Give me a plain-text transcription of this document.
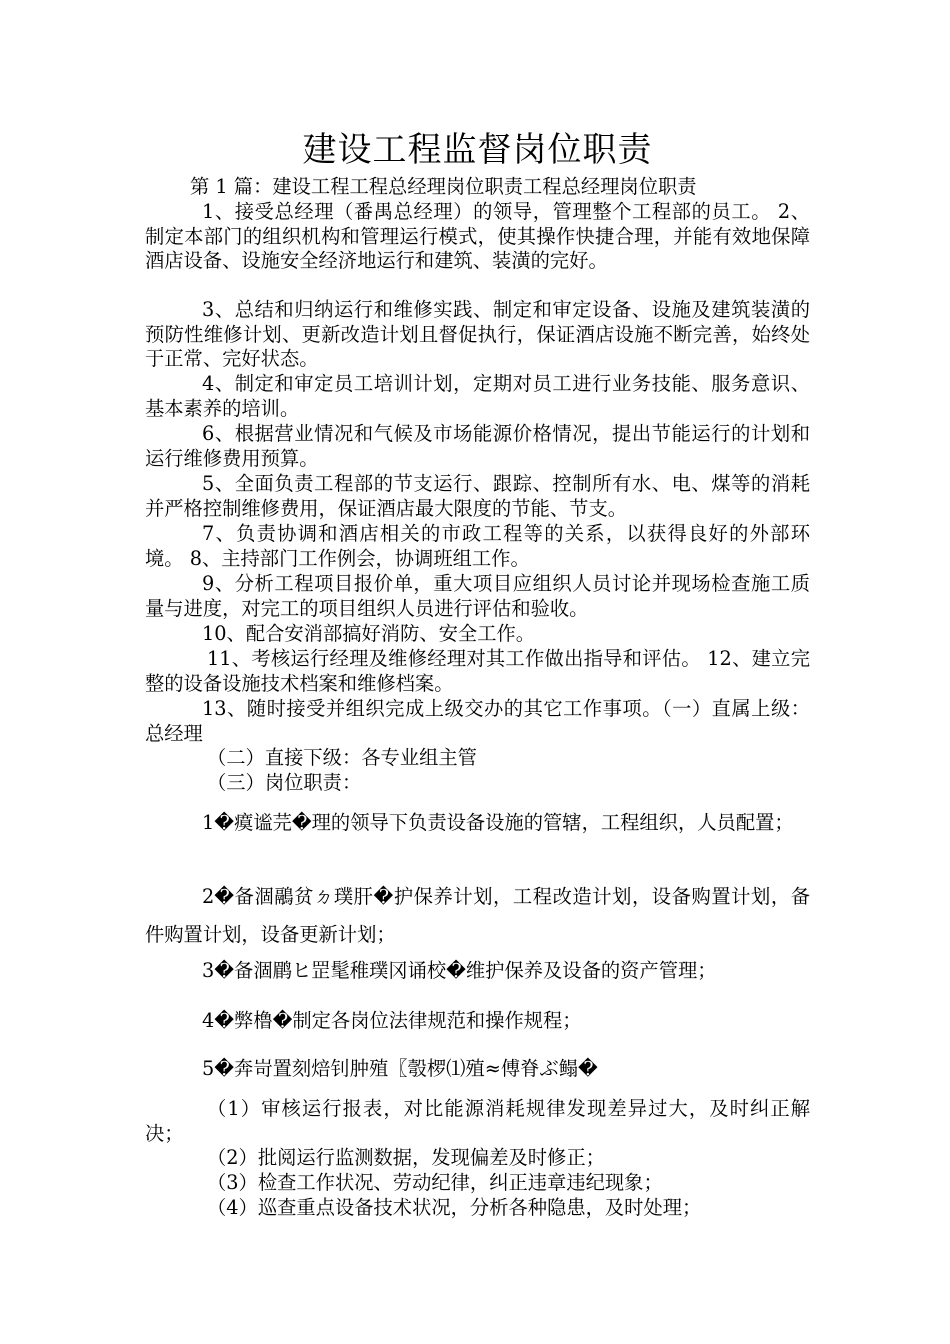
建设工程监督岗位职责
第 1 篇：建设工程工程总经理岗位职责工程总经理岗位职责
1、接受总经理（番禺总经理）的领导，管理整个工程部的员工。 2、制定本部门的组织机构和管理运行模式，使其操作快捷合理，并能有效地保障酒店设备、设施安全经济地运行和建筑、装潢的完好。
3、总结和归纳运行和维修实践、制定和审定设备、设施及建筑装潢的预防性维修计划、更新改造计划且督促执行，保证酒店设施不断完善，始终处于正常、完好状态。
4、制定和审定员工培训计划，定期对员工进行业务技能、服务意识、基本素养的培训。
6、根据营业情况和气候及市场能源价格情况，提出节能运行的计划和运行维修费用预算。
5、全面负责工程部的节支运行、跟踪、控制所有水、电、煤等的消耗并严格控制维修费用，保证酒店最大限度的节能、节支。
7、负责协调和酒店相关的市政工程等的关系，以获得良好的外部环境。 8、主持部门工作例会，协调班组工作。
9、分析工程项目报价单，重大项目应组织人员讨论并现场检查施工质量与进度，对完工的项目组织人员进行评估和验收。
10、配合安消部搞好消防、安全工作。
11、考核运行经理及维修经理对其工作做出指导和评估。 12、建立完整的设备设施技术档案和维修档案。
13、随时接受并组织完成上级交办的其它工作事项。（一）直属上级：总经理
（二）直接下级：各专业组主管
（三）岗位职责：
1�瘼谧芫�理的领导下负责设备设施的管辖，工程组织，人员配置；
2�备涸鷊贫ㄉ璞肝�护保养计划，工程改造计划，设备购置计划，备件购置计划，设备更新计划；
3�备涸鹛ヒ罡髦稚璞冈诵校�维护保养及设备的资产管理；
4�弊橹�制定各岗位法律规范和操作规程；
5�奔岢置刻焙钊肿殖〖彀椤⑴殖≈傅脊ぶ鳎�
（1）审核运行报表，对比能源消耗规律发现差异过大，及时纠正解决；
（2）批阅运行监测数据，发现偏差及时修正；
（3）检查工作状况、劳动纪律，纠正违章违纪现象；
（4）巡查重点设备技术状况，分析各种隐患，及时处理；
